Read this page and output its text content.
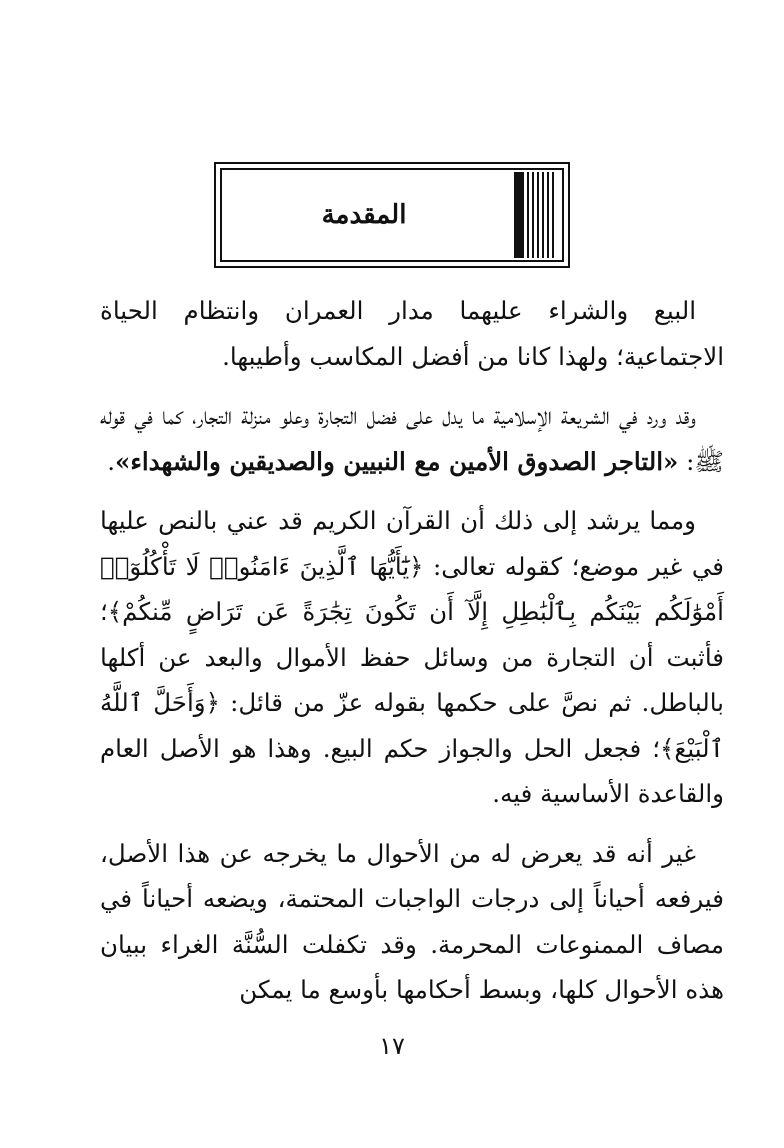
المقدمة

البيع والشراء عليهما مدار العمران وانتظام الحياة الاجتماعية؛ ولهذا كانا من أفضل المكاسب وأطيبها.

وقد ورد في الشريعة الإسلامية ما يدل على فضل التجارة وعلو منزلة التجار، كما في قوله ﷺ: «التاجر الصدوق الأمين مع النبيين والصديقين والشهداء».

ومما يرشد إلى ذلك أن القرآن الكريم قد عني بالنص عليها في غير موضع؛ كقوله تعالى: ﴿يَٰٓأَيُّهَا ٱلَّذِينَ ءَامَنُوا۟ لَا تَأْكُلُوٓا۟ أَمْوَٰلَكُم بَيْنَكُم بِٱلْبَٰطِلِ إِلَّآ أَن تَكُونَ تِجَٰرَةً عَن تَرَاضٍ مِّنكُمْ﴾؛ فأثبت أن التجارة من وسائل حفظ الأموال والبعد عن أكلها بالباطل. ثم نصَّ على حكمها بقوله عزّ من قائل: ﴿وَأَحَلَّ ٱللَّهُ ٱلْبَيْعَ﴾؛ فجعل الحل والجواز حكم البيع. وهذا هو الأصل العام والقاعدة الأساسية فيه.

غير أنه قد يعرض له من الأحوال ما يخرجه عن هذا الأصل، فيرفعه أحياناً إلى درجات الواجبات المحتمة، ويضعه أحياناً في مصاف الممنوعات المحرمة. وقد تكفلت السُّنَّة الغراء ببيان هذه الأحوال كلها، وبسط أحكامها بأوسع ما يمكن

١٧
